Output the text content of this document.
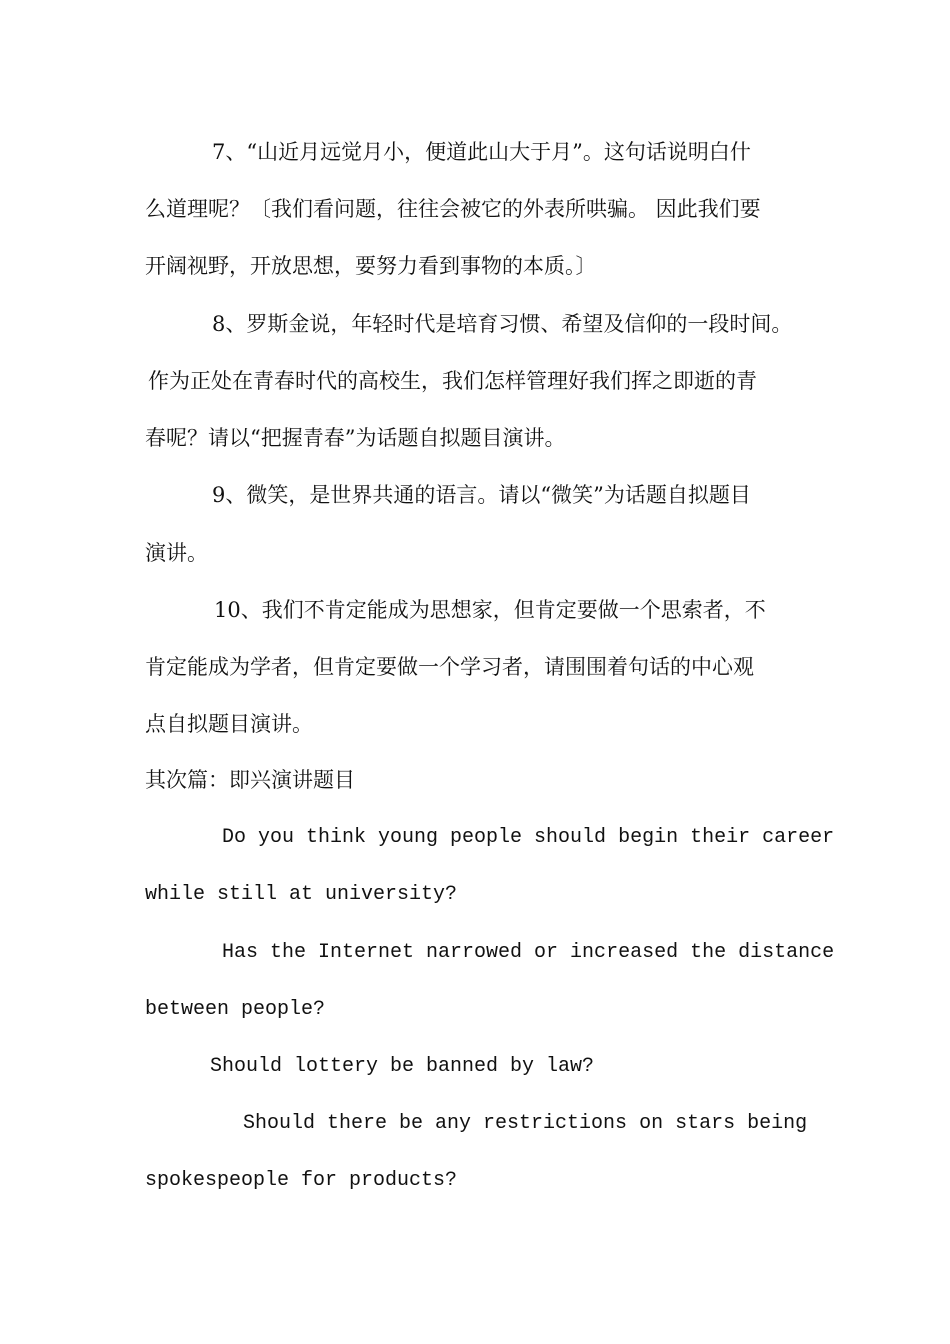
7、“山近月远觉月小，便道此山大于月”。这句话说明白什
么道理呢？〔我们看问题，往往会被它的外表所哄骗。 因此我们要
开阔视野，开放思想，要努力看到事物的本质。〕
8、罗斯金说，年轻时代是培育习惯、希望及信仰的一段时间。
作为正处在青春时代的高校生，我们怎样管理好我们挥之即逝的青
春呢？请以“把握青春”为话题自拟题目演讲。
9、微笑，是世界共通的语言。请以“微笑”为话题自拟题目
演讲。
10、我们不肯定能成为思想家，但肯定要做一个思索者，不
肯定能成为学者，但肯定要做一个学习者，请围围着句话的中心观
点自拟题目演讲。
其次篇：即兴演讲题目
Do you think young people should begin their career
while still at university?
Has the Internet narrowed or increased the distance
between people?
Should lottery be banned by law?
Should there be any restrictions on stars being
spokespeople for products?
